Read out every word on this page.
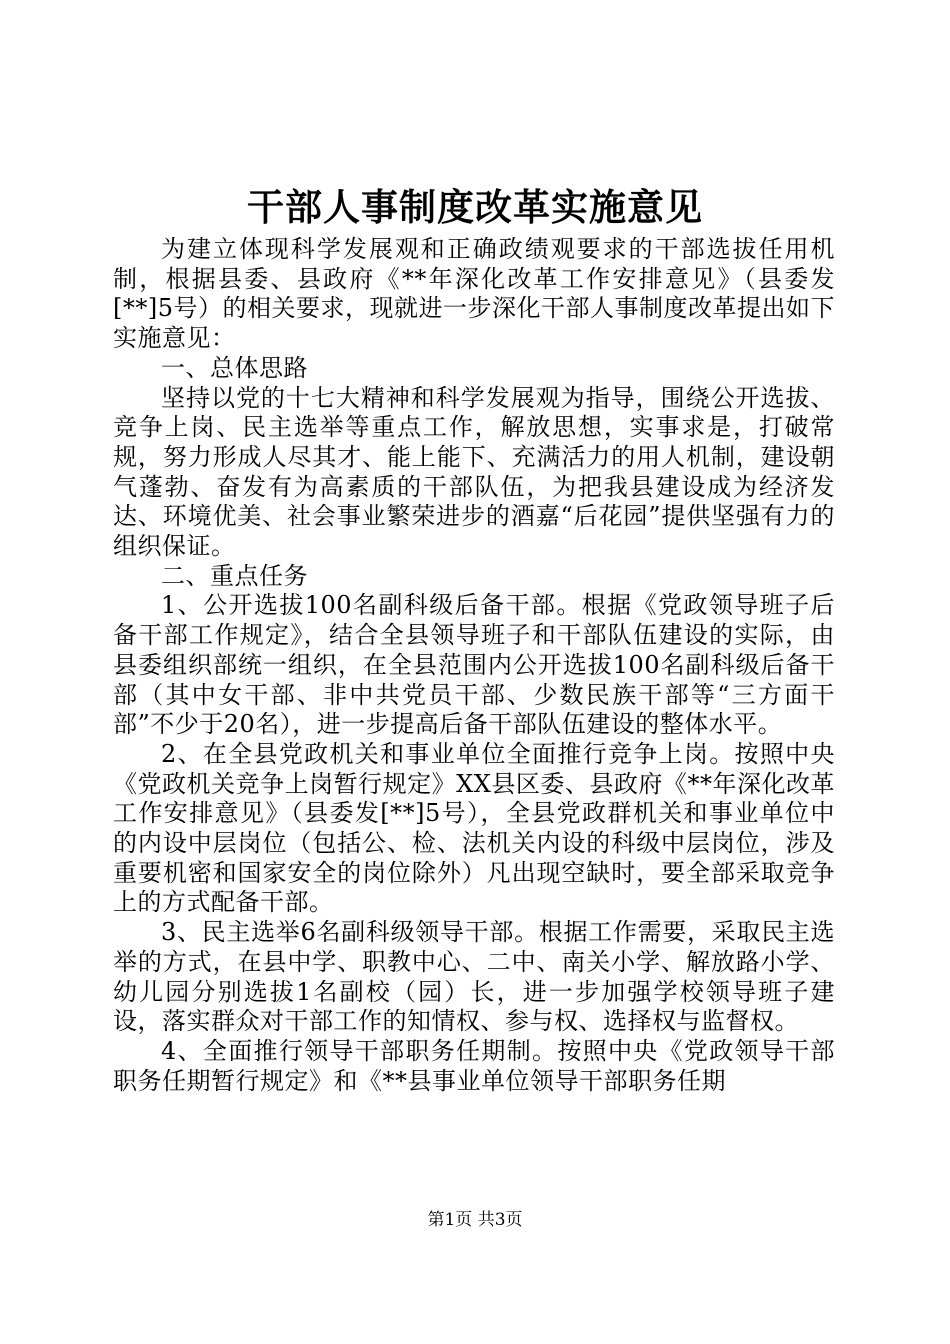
干部人事制度改革实施意见

为建立体现科学发展观和正确政绩观要求的干部选拔任用机制，根据县委、县政府《**年深化改革工作安排意见》（县委发[**]5号）的相关要求，现就进一步深化干部人事制度改革提出如下实施意见：

一、总体思路

坚持以党的十七大精神和科学发展观为指导，围绕公开选拔、竞争上岗、民主选举等重点工作，解放思想，实事求是，打破常规，努力形成人尽其才、能上能下、充满活力的用人机制，建设朝气蓬勃、奋发有为高素质的干部队伍，为把我县建设成为经济发达、环境优美、社会事业繁荣进步的酒嘉“后花园”提供坚强有力的组织保证。

二、重点任务

1、公开选拔100名副科级后备干部。根据《党政领导班子后备干部工作规定》，结合全县领导班子和干部队伍建设的实际，由县委组织部统一组织，在全县范围内公开选拔100名副科级后备干部（其中女干部、非中共党员干部、少数民族干部等“三方面干部”不少于20名），进一步提高后备干部队伍建设的整体水平。

2、在全县党政机关和事业单位全面推行竞争上岗。按照中央《党政机关竞争上岗暂行规定》XX县区委、县政府《**年深化改革工作安排意见》（县委发[**]5号），全县党政群机关和事业单位中的内设中层岗位（包括公、检、法机关内设的科级中层岗位，涉及重要机密和国家安全的岗位除外）凡出现空缺时，要全部采取竞争上的方式配备干部。

3、民主选举6名副科级领导干部。根据工作需要，采取民主选举的方式，在县中学、职教中心、二中、南关小学、解放路小学、幼儿园分别选拔1名副校（园）长，进一步加强学校领导班子建设，落实群众对干部工作的知情权、参与权、选择权与监督权。

4、全面推行领导干部职务任期制。按照中央《党政领导干部职务任期暂行规定》和《**县事业单位领导干部职务任期

第1页 共3页
